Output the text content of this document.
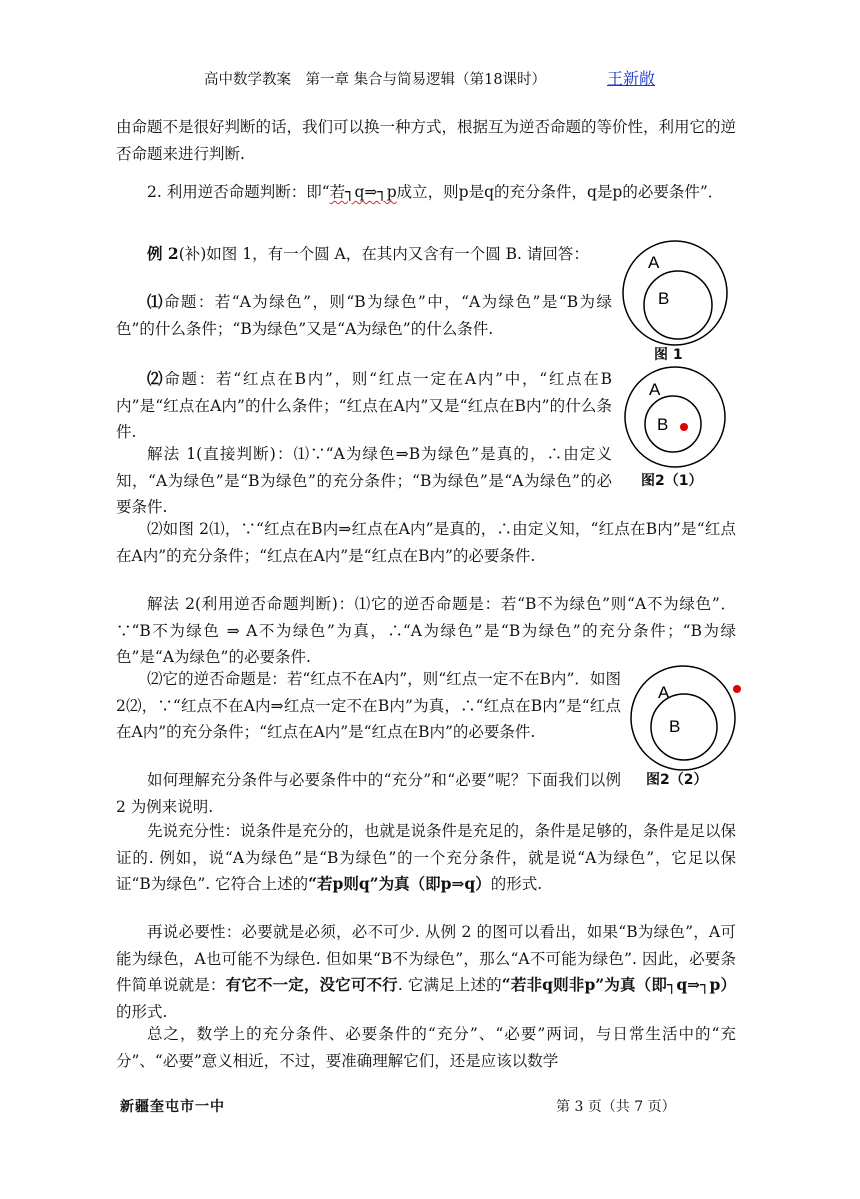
高中数学教案　第一章 集合与简易逻辑（第18课时）	王新敞
由命题不是很好判断的话，我们可以换一种方式，根据互为逆否命题的等价性，利用它的逆否命题来进行判断.
2. 利用逆否命题判断：即“若┐q⇒┐p成立，则p是q的充分条件，q是p的必要条件”．
例 2(补)如图 1，有一个圆 A，在其内又含有一个圆 B. 请回答：
⑴命题：若“A为绿色”，则“B为绿色”中，“A为绿色”是“B为绿色”的什么条件；“B为绿色”又是“A为绿色”的什么条件.
⑵命题：若“红点在B内”，则“红点一定在A内”中，“红点在B内”是“红点在A内”的什么条件；“红点在A内”又是“红点在B内”的什么条件.
解法 1(直接判断)：⑴∵“A为绿色⇒B为绿色”是真的，∴由定义知，“A为绿色”是“B为绿色”的充分条件；“B为绿色”是“A为绿色”的必要条件.
⑵如图 2⑴，∵“红点在B内⇒红点在A内”是真的，∴由定义知，“红点在B内”是“红点在A内”的充分条件；“红点在A内”是“红点在B内”的必要条件.
解法 2(利用逆否命题判断)：⑴它的逆否命题是：若“B不为绿色”则“A不为绿色”．∵“B不为绿色 ⇒ A不为绿色”为真，∴“A为绿色”是“B为绿色”的充分条件；“B为绿色”是“A为绿色”的必要条件.
⑵它的逆否命题是：若“红点不在A内”，则“红点一定不在B内”．如图 2⑵，∵“红点不在A内⇒红点一定不在B内”为真，∴“红点在B内”是“红点在A内”的充分条件；“红点在A内”是“红点在B内”的必要条件.
如何理解充分条件与必要条件中的“充分”和“必要”呢？下面我们以例 2 为例来说明.
先说充分性：说条件是充分的，也就是说条件是充足的，条件是足够的，条件是足以保证的. 例如，说“A为绿色”是“B为绿色”的一个充分条件，就是说“A为绿色”，它足以保证“B为绿色”. 它符合上述的“若p则q”为真（即p⇒q）的形式.
再说必要性：必要就是必须，必不可少. 从例 2 的图可以看出，如果“B为绿色”，A可能为绿色，A也可能不为绿色. 但如果“B不为绿色”，那么“A不可能为绿色”. 因此，必要条件简单说就是：有它不一定，没它可不行. 它满足上述的“若非q则非p”为真（即┐q⇒┐p）的形式.
总之，数学上的充分条件、必要条件的“充分”、“必要”两词，与日常生活中的“充分”、“必要”意义相近，不过，要准确理解它们，还是应该以数学
A
B
图 1
A
B
图2（1）
A
B
图2（2）
新疆奎屯市一中	第 3 页（共 7 页）
